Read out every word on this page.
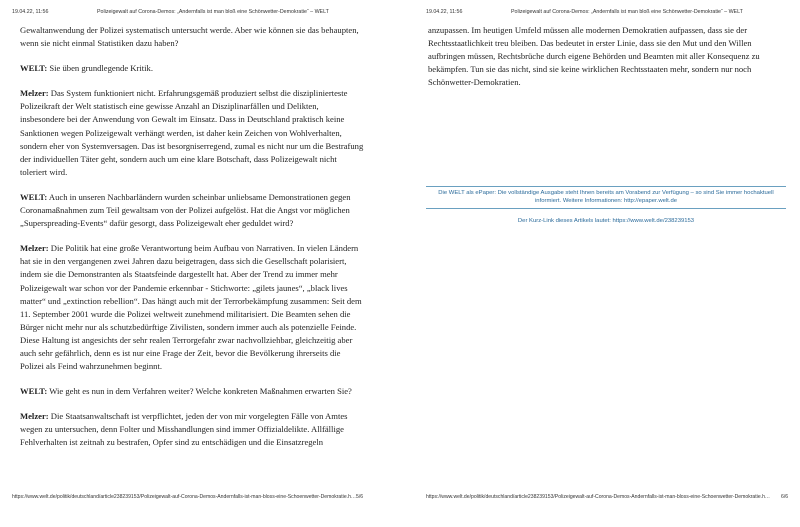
19.04.22, 11:56	Polizeigewalt auf Corona-Demos: „Andernfalls ist man bloß eine Schönwetter-Demokratie“ – WELT

Gewaltanwendung der Polizei systematisch untersucht werde. Aber wie können sie das behaupten, wenn sie nicht einmal Statistiken dazu haben?

WELT: Sie üben grundlegende Kritik.

Melzer: Das System funktioniert nicht. Erfahrungsgemäß produziert selbst die disziplinierteste Polizeikraft der Welt statistisch eine gewisse Anzahl an Disziplinarfällen und Delikten, insbesondere bei der Anwendung von Gewalt im Einsatz. Dass in Deutschland praktisch keine Sanktionen wegen Polizeigewalt verhängt werden, ist daher kein Zeichen von Wohlverhalten, sondern eher von Systemversagen. Das ist besorgniserregend, zumal es nicht nur um die Bestrafung der individuellen Täter geht, sondern auch um eine klare Botschaft, dass Polizeigewalt nicht toleriert wird.

WELT: Auch in unseren Nachbarländern wurden scheinbar unliebsame Demonstrationen gegen Coronamaßnahmen zum Teil gewaltsam von der Polizei aufgelöst. Hat die Angst vor möglichen „Superspreading-Events“ dafür gesorgt, dass Polizeigewalt eher geduldet wird?

Melzer: Die Politik hat eine große Verantwortung beim Aufbau von Narrativen. In vielen Ländern hat sie in den vergangenen zwei Jahren dazu beigetragen, dass sich die Gesellschaft polarisiert, indem sie die Demonstranten als Staatsfeinde dargestellt hat. Aber der Trend zu immer mehr Polizeigewalt war schon vor der Pandemie erkennbar - Stichworte: „gilets jaunes“, „black lives matter“ und „extinction rebellion“. Das hängt auch mit der Terrorbekämpfung zusammen: Seit dem 11. September 2001 wurde die Polizei weltweit zunehmend militarisiert. Die Beamten sehen die Bürger nicht mehr nur als schutzbedürftige Zivilisten, sondern immer auch als potenzielle Feinde. Diese Haltung ist angesichts der sehr realen Terrorgefahr zwar nachvollziehbar, gleichzeitig aber auch sehr gefährlich, denn es ist nur eine Frage der Zeit, bevor die Bevölkerung ihrerseits die Polizei als Feind wahrzunehmen beginnt.

WELT: Wie geht es nun in dem Verfahren weiter? Welche konkreten Maßnahmen erwarten Sie?

Melzer: Die Staatsanwaltschaft ist verpflichtet, jeden der von mir vorgelegten Fälle von Amtes wegen zu untersuchen, denn Folter und Misshandlungen sind immer Offizialdelikte. Allfällige Fehlverhalten ist zeitnah zu bestrafen, Opfer sind zu entschädigen und die Einsatzregeln

https://www.welt.de/politik/deutschland/article238239153/Polizeigewalt-auf-Corona-Demos-Andernfalls-ist-man-bloss-eine-Schoenwetter-Demokratie.h… 5/6
19.04.22, 11:56	Polizeigewalt auf Corona-Demos: „Andernfalls ist man bloß eine Schönwetter-Demokratie“ – WELT

anzupassen. Im heutigen Umfeld müssen alle modernen Demokratien aufpassen, dass sie der Rechtsstaatlichkeit treu bleiben. Das bedeutet in erster Linie, dass sie den Mut und den Willen aufbringen müssen, Rechtsbrüche durch eigene Behörden und Beamten mit aller Konsequenz zu bekämpfen. Tun sie das nicht, sind sie keine wirklichen Rechtsstaaten mehr, sondern nur noch Schönwetter-Demokratien.

Die WELT als ePaper: Die vollständige Ausgabe steht Ihnen bereits am Vorabend zur Verfügung – so sind Sie immer hochaktuell informiert. Weitere Informationen: http://epaper.welt.de
Der Kurz-Link dieses Artikels lautet: https://www.welt.de/238239153
https://www.welt.de/politik/deutschland/article238239153/Polizeigewalt-auf-Corona-Demos-Andernfalls-ist-man-bloss-eine-Schoenwetter-Demokratie.h… 6/6
